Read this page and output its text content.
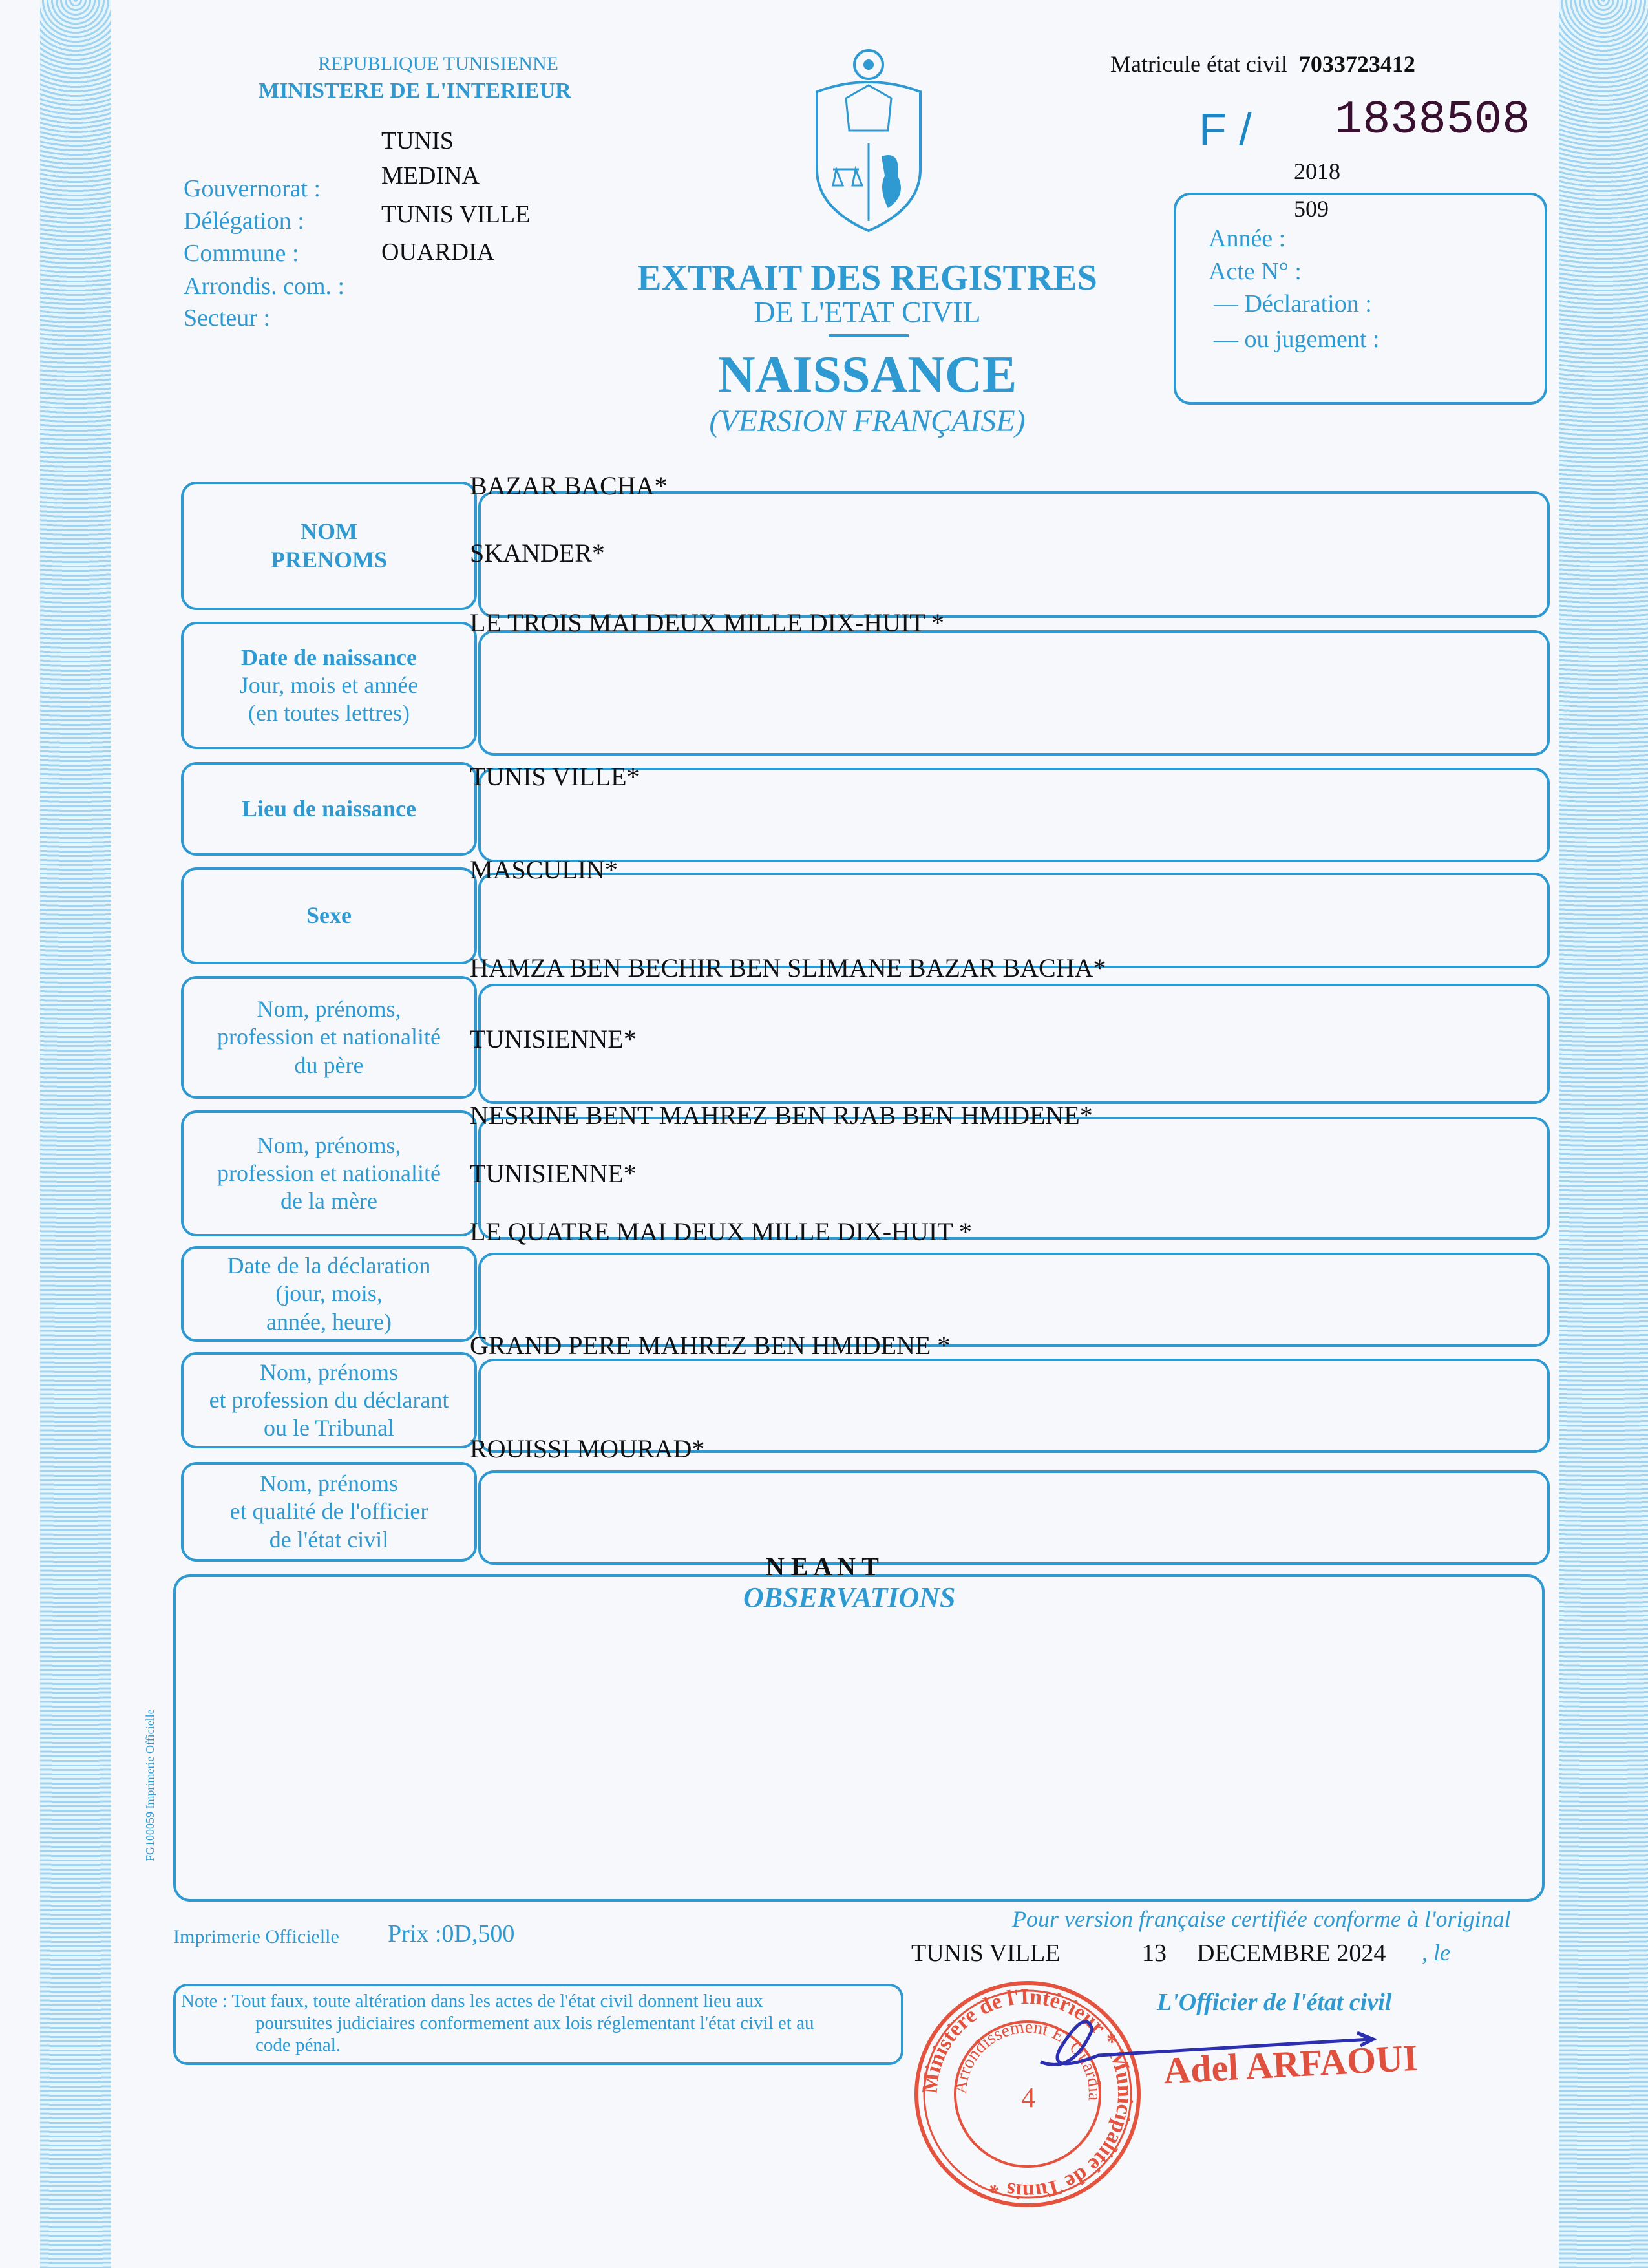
REPUBLIQUE TUNISIENNE
MINISTERE DE L'INTERIEUR
Matricule état civil 7033723412
Gouvernorat :
Délégation :
Commune :
Arrondis. com. :
Secteur :
TUNIS
MEDINA
TUNIS VILLE
OUARDIA
F / 1838508
2018
509
Année :
Acte N° :
— Déclaration :
— ou jugement :
EXTRAIT DES REGISTRES
DE L'ETAT CIVIL
NAISSANCE
(VERSION FRANÇAISE)
NOM
PRENOMS
BAZAR BACHA*
SKANDER*
Date de naissance
Jour, mois et année
(en toutes lettres)
LE TROIS MAI DEUX MILLE DIX-HUIT *
Lieu de naissance
TUNIS VILLE*
Sexe
MASCULIN*
Nom, prénoms,
profession et nationalité
du père
HAMZA BEN BECHIR BEN SLIMANE BAZAR BACHA*
TUNISIENNE*
Nom, prénoms,
profession et nationalité
de la mère
NESRINE BENT MAHREZ BEN RJAB BEN HMIDENE*
TUNISIENNE*
Date de la déclaration
(jour, mois,
année, heure)
LE QUATRE MAI DEUX MILLE DIX-HUIT *
Nom, prénoms
et profession du déclarant
ou le Tribunal
GRAND PERE MAHREZ BEN HMIDENE *
Nom, prénoms
et qualité de l'officier
de l'état civil
ROUISSI MOURAD*
N E A N T
OBSERVATIONS
FG100059 Imprimerie Officielle
Imprimerie Officielle Prix :0D,500
Pour version française certifiée conforme à l'original
TUNIS VILLE	13 DECEMBRE 2024 , le
L'Officier de l'état civil
Note : Tout faux, toute altération dans les actes de l'état civil donnent lieu aux
poursuites judiciaires conformement aux lois réglementant l'état civil et au
code pénal.
Ministère de l'Intérieur * Municipalité de Tunis *
Arrondissement El Ouardia
4
Adel ARFAOUI
